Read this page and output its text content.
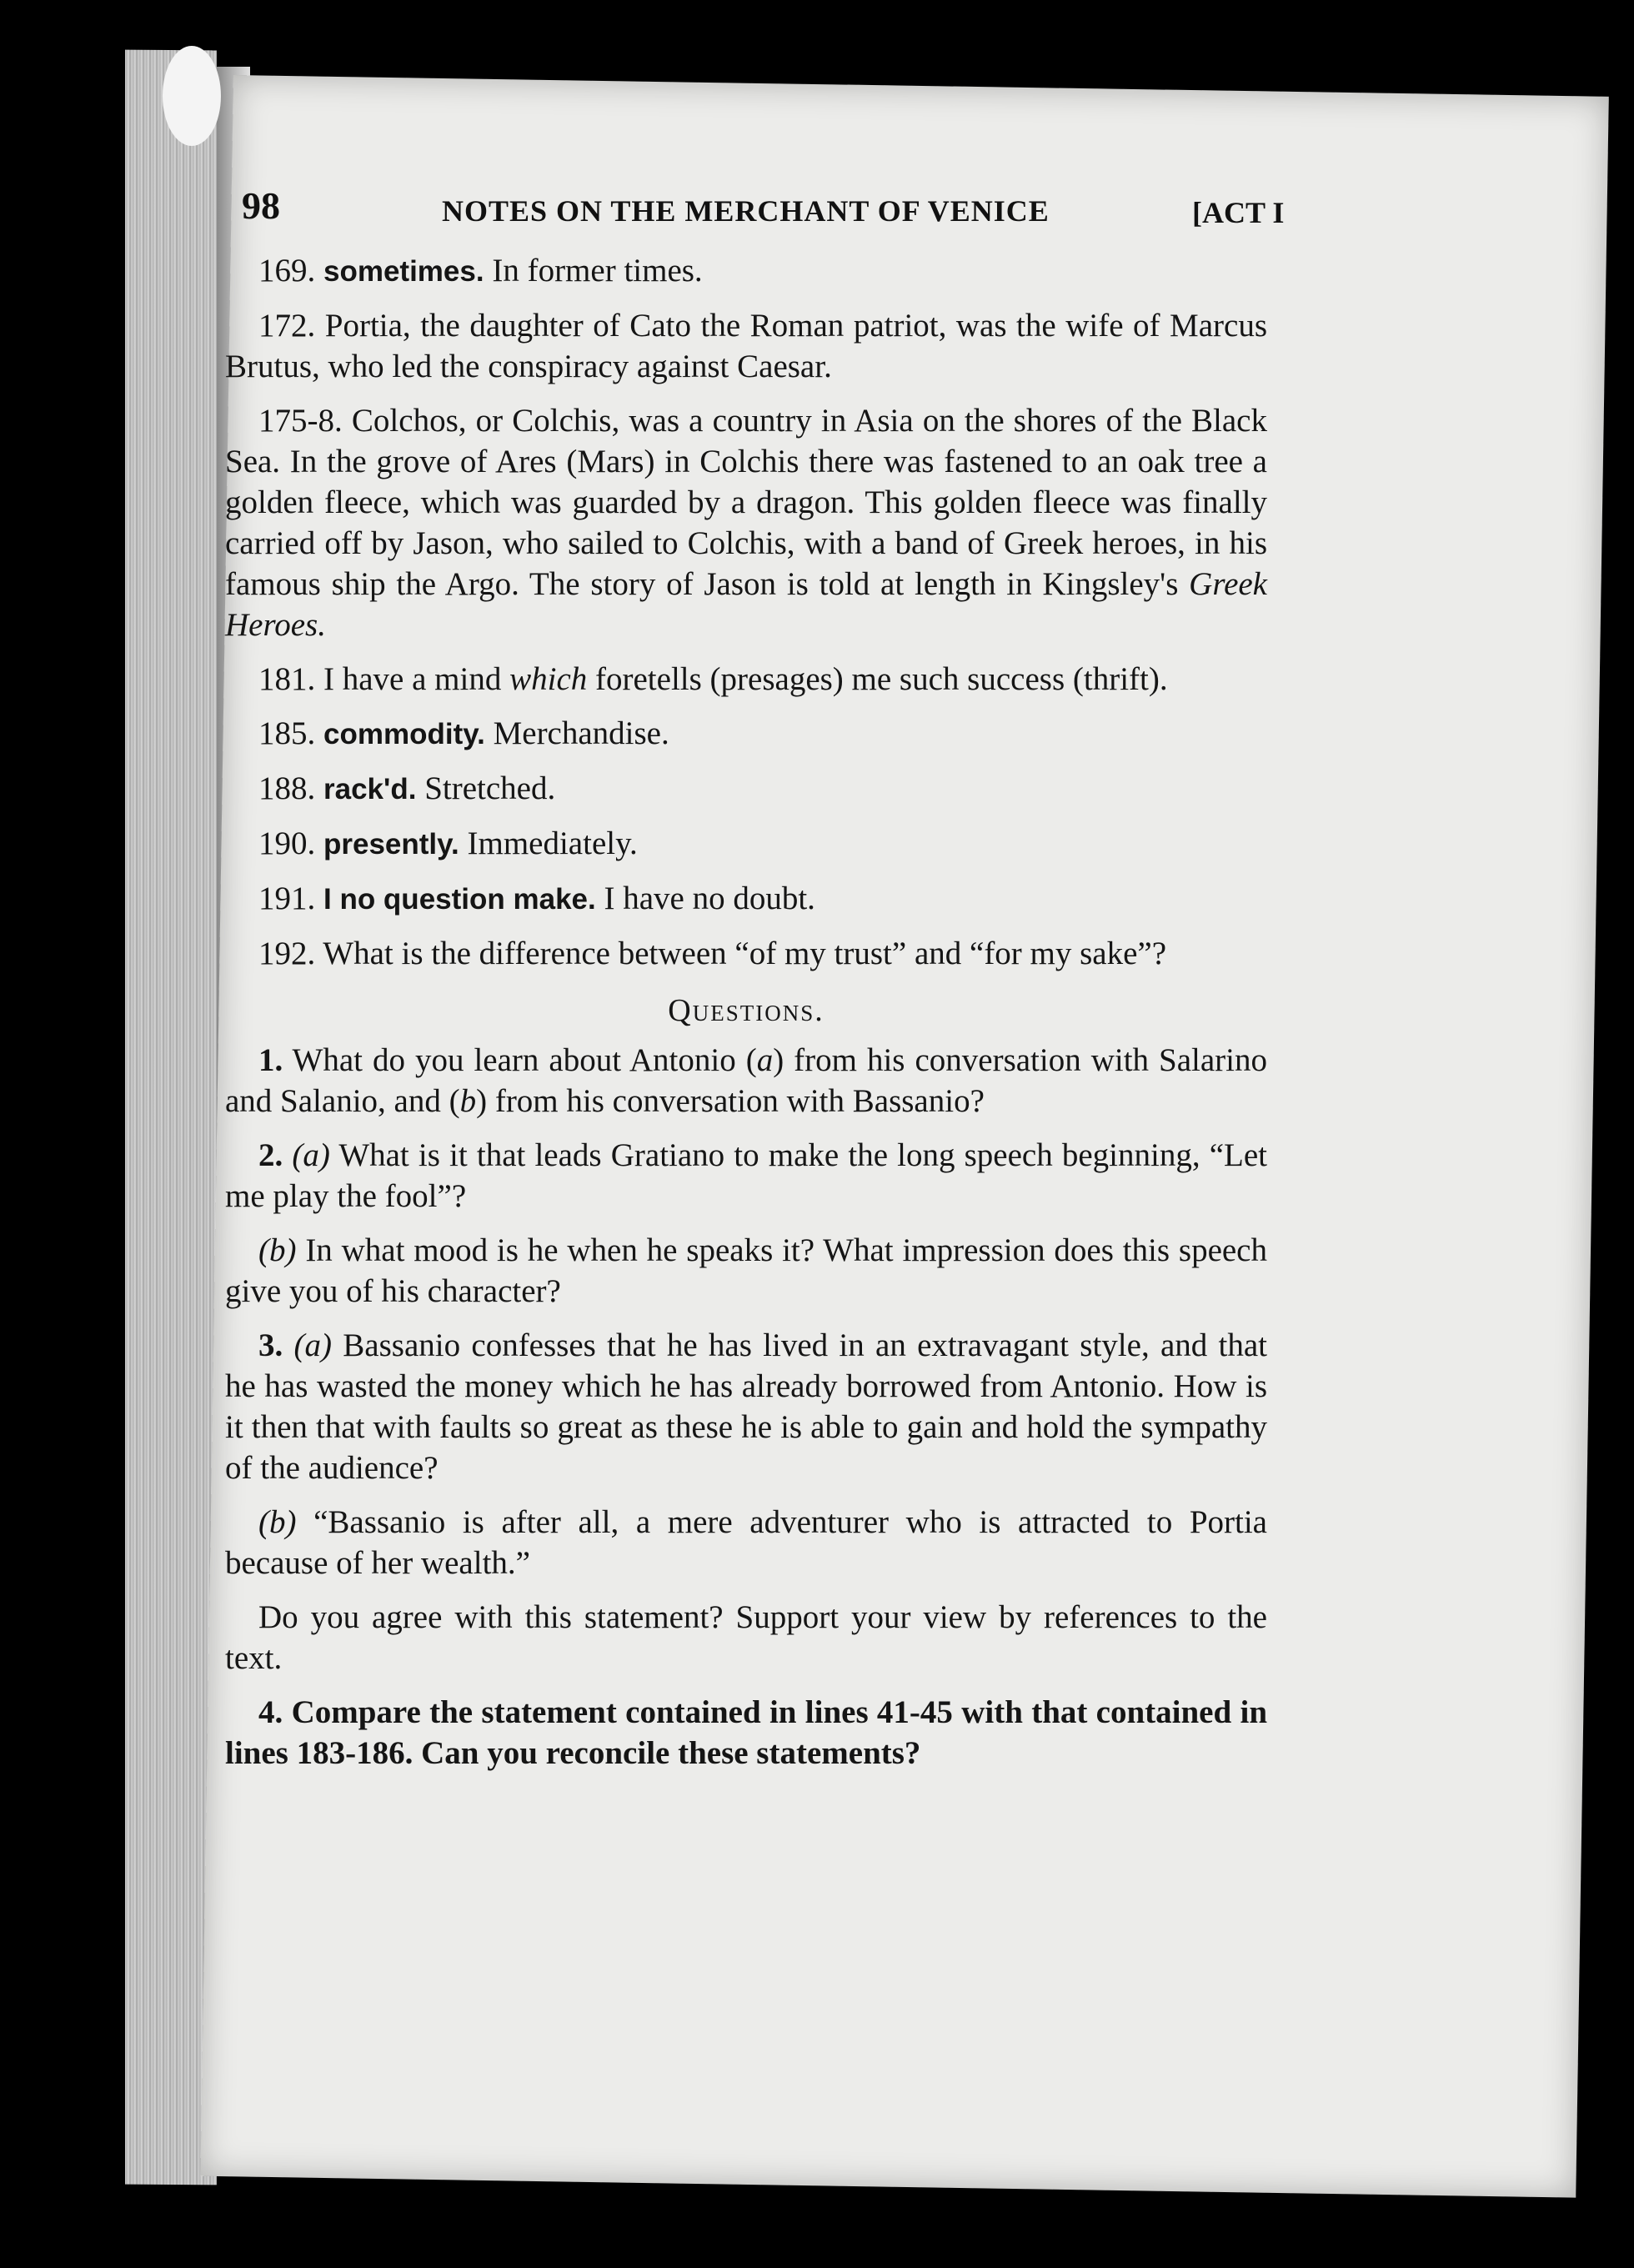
98	NOTES ON THE MERCHANT OF VENICE	[ACT I

169. sometimes. In former times.

172. Portia, the daughter of Cato the Roman patriot, was the wife of Marcus Brutus, who led the conspiracy against Caesar.

175-8. Colchos, or Colchis, was a country in Asia on the shores of the Black Sea. In the grove of Ares (Mars) in Colchis there was fastened to an oak tree a golden fleece, which was guarded by a dragon. This golden fleece was finally carried off by Jason, who sailed to Colchis, with a band of Greek heroes, in his famous ship the Argo. The story of Jason is told at length in Kingsley's Greek Heroes.

181. I have a mind which foretells (presages) me such success (thrift).

185. commodity. Merchandise.

188. rack'd. Stretched.

190. presently. Immediately.

191. I no question make. I have no doubt.

192. What is the difference between “of my trust” and “for my sake”?

Questions.

1. What do you learn about Antonio (a) from his conversation with Salarino and Salanio, and (b) from his conversation with Bassanio?

2. (a) What is it that leads Gratiano to make the long speech beginning, “Let me play the fool”?

(b) In what mood is he when he speaks it? What impression does this speech give you of his character?

3. (a) Bassanio confesses that he has lived in an extravagant style, and that he has wasted the money which he has already borrowed from Antonio. How is it then that with faults so great as these he is able to gain and hold the sympathy of the audience?

(b) “Bassanio is after all, a mere adventurer who is attracted to Portia because of her wealth.”

Do you agree with this statement? Support your view by references to the text.

4. Compare the statement contained in lines 41-45 with that contained in lines 183-186. Can you reconcile these statements?
